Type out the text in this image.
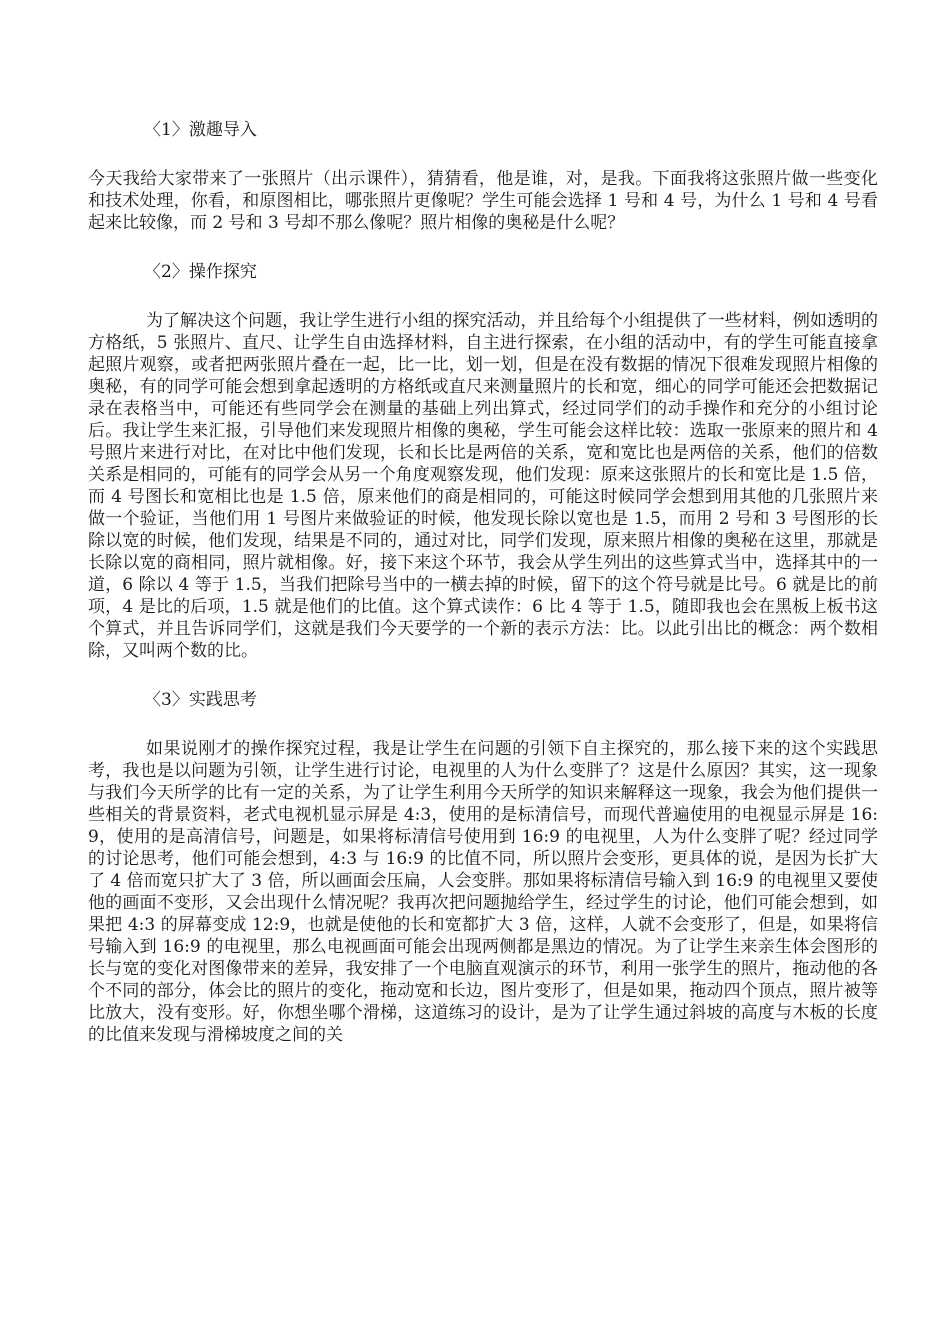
〈1〉激趣导入
今天我给大家带来了一张照片（出示课件），猜猜看，他是谁，对，是我。下面我将这张照片做一些变化和技术处理，你看，和原图相比，哪张照片更像呢？学生可能会选择 1 号和 4 号，为什么 1 号和 4 号看起来比较像，而 2 号和 3 号却不那么像呢？照片相像的奥秘是什么呢？
〈2〉操作探究
为了解决这个问题，我让学生进行小组的探究活动，并且给每个小组提供了一些材料，例如透明的方格纸，5 张照片、直尺、让学生自由选择材料，自主进行探索，在小组的活动中，有的学生可能直接拿起照片观察，或者把两张照片叠在一起，比一比，划一划，但是在没有数据的情况下很难发现照片相像的奥秘，有的同学可能会想到拿起透明的方格纸或直尺来测量照片的长和宽，细心的同学可能还会把数据记录在表格当中，可能还有些同学会在测量的基础上列出算式，经过同学们的动手操作和充分的小组讨论后。我让学生来汇报，引导他们来发现照片相像的奥秘，学生可能会这样比较：选取一张原来的照片和 4 号照片来进行对比，在对比中他们发现，长和长比是两倍的关系，宽和宽比也是两倍的关系，他们的倍数关系是相同的，可能有的同学会从另一个角度观察发现，他们发现：原来这张照片的长和宽比是 1.5 倍，而 4 号图长和宽相比也是 1.5 倍，原来他们的商是相同的，可能这时候同学会想到用其他的几张照片来做一个验证，当他们用 1 号图片来做验证的时候，他发现长除以宽也是 1.5，而用 2 号和 3 号图形的长除以宽的时候，他们发现，结果是不同的，通过对比，同学们发现，原来照片相像的奥秘在这里，那就是长除以宽的商相同，照片就相像。好，接下来这个环节，我会从学生列出的这些算式当中，选择其中的一道，6 除以 4 等于 1.5，当我们把除号当中的一横去掉的时候，留下的这个符号就是比号。6 就是比的前项，4 是比的后项，1.5 就是他们的比值。这个算式读作：6 比 4 等于 1.5，随即我也会在黑板上板书这个算式，并且告诉同学们，这就是我们今天要学的一个新的表示方法：比。以此引出比的概念：两个数相除，又叫两个数的比。
〈3〉实践思考
如果说刚才的操作探究过程，我是让学生在问题的引领下自主探究的，那么接下来的这个实践思考，我也是以问题为引领，让学生进行讨论，电视里的人为什么变胖了？这是什么原因？其实，这一现象与我们今天所学的比有一定的关系，为了让学生利用今天所学的知识来解释这一现象，我会为他们提供一些相关的背景资料，老式电视机显示屏是 4:3，使用的是标清信号，而现代普遍使用的电视显示屏是 16:9，使用的是高清信号，问题是，如果将标清信号使用到 16:9 的电视里，人为什么变胖了呢？经过同学的讨论思考，他们可能会想到，4:3 与 16:9 的比值不同，所以照片会变形，更具体的说，是因为长扩大了 4 倍而宽只扩大了 3 倍，所以画面会压扁，人会变胖。那如果将标清信号输入到 16:9 的电视里又要使他的画面不变形，又会出现什么情况呢？我再次把问题抛给学生，经过学生的讨论，他们可能会想到，如果把 4:3 的屏幕变成 12:9，也就是使他的长和宽都扩大 3 倍，这样，人就不会变形了，但是，如果将信号输入到 16:9 的电视里，那么电视画面可能会出现两侧都是黑边的情况。为了让学生来亲生体会图形的长与宽的变化对图像带来的差异，我安排了一个电脑直观演示的环节，利用一张学生的照片，拖动他的各个不同的部分，体会比的照片的变化，拖动宽和长边，图片变形了，但是如果，拖动四个顶点，照片被等比放大，没有变形。好，你想坐哪个滑梯，这道练习的设计，是为了让学生通过斜坡的高度与木板的长度的比值来发现与滑梯坡度之间的关
